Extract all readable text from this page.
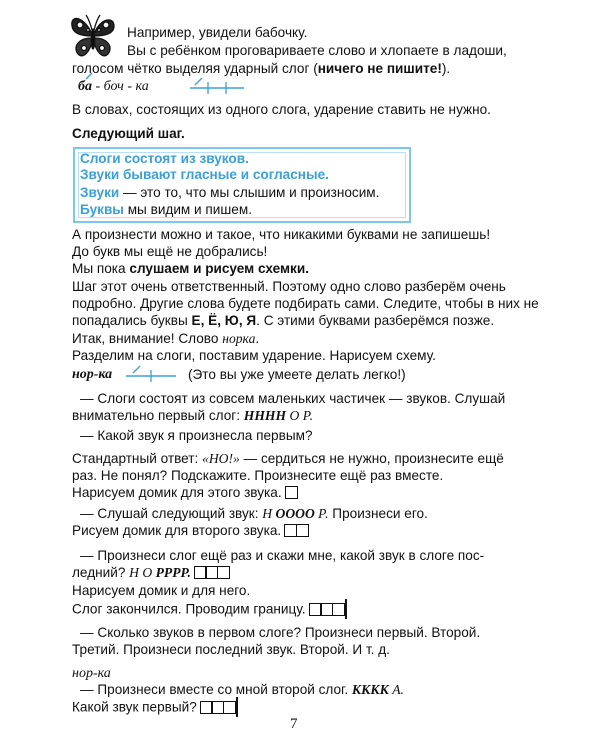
Например, увидели бабочку.
Вы с ребёнком проговариваете слово и хлопаете в ладоши,
голосом чётко выделяя ударный слог (ничего не пишите!).
ба - боч - ка
В словах, состоящих из одного слога, ударение ставить не нужно.
Следующий шаг.
Слоги состоят из звуков.
Звуки бывают гласные и согласные.
Звуки — это то, что мы слышим и произносим.
Буквы мы видим и пишем.
А произнести можно и такое, что никакими буквами не запишешь!
До букв мы ещё не добрались!
Мы пока слушаем и рисуем схемки.
Шаг этот очень ответственный. Поэтому одно слово разберём очень
подробно. Другие слова будете подбирать сами. Следите, чтобы в них не
попадались буквы Е, Ё, Ю, Я. С этими буквами разберёмся позже.
Итак, внимание! Слово норка.
Разделим на слоги, поставим ударение. Нарисуем схему.
нор-ка	(Это вы уже умеете делать легко!)
— Слоги состоят из совсем маленьких частичек — звуков. Слушай
внимательно первый слог: НННН О Р.
— Какой звук я произнесла первым?
Стандартный ответ: «НО!» — сердиться не нужно, произнесите ещё
раз. Не понял? Подскажите. Произнесите ещё раз вместе.
Нарисуем домик для этого звука.
— Слушай следующий звук: Н OOOO Р. Произнеси его.
Рисуем домик для второго звука.
— Произнеси слог ещё раз и скажи мне, какой звук в слоге пос-
ледний? Н О РРРР.
Нарисуем домик и для него.
Слог закончился. Проводим границу.
— Сколько звуков в первом слоге? Произнеси первый. Второй.
Третий. Произнеси последний звук. Второй. И т. д.
нор-ка
— Произнеси вместе со мной второй слог. КККК А.
Какой звук первый?
7
